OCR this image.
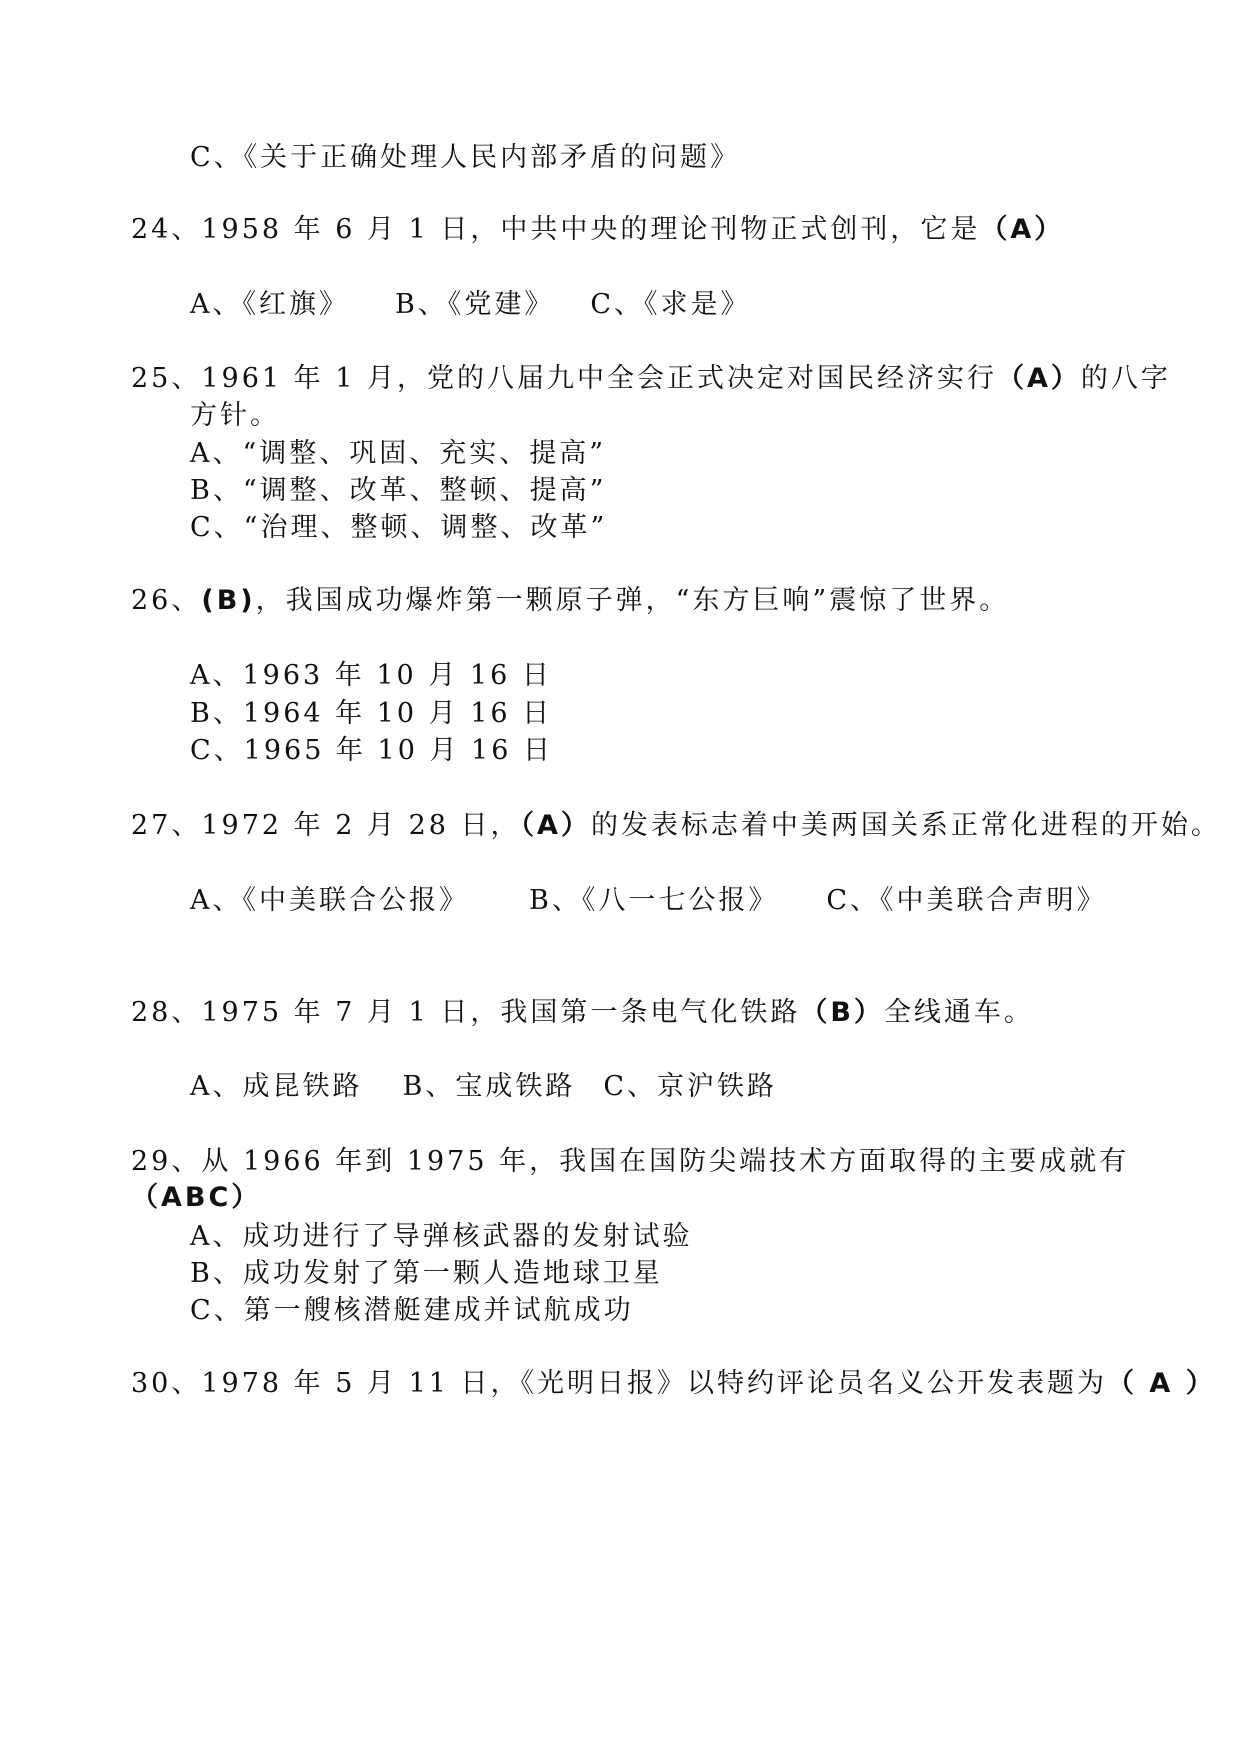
C、《关于正确处理人民内部矛盾的问题》
24、1958 年 6 月 1 日，中共中央的理论刊物正式创刊，它是（A）
A、《红旗》 B、《党建》 C、《求是》
25、1961 年 1 月，党的八届九中全会正式决定对国民经济实行（A）的八字
方针。
A、“调整、巩固、充实、提高”
B、“调整、改革、整顿、提高”
C、“治理、整顿、调整、改革”
26、(B)，我国成功爆炸第一颗原子弹，“东方巨响”震惊了世界。
A、1963 年 10 月 16 日
B、1964 年 10 月 16 日
C、1965 年 10 月 16 日
27、1972 年 2 月 28 日，（A）的发表标志着中美两国关系正常化进程的开始。
A、《中美联合公报》 B、《八一七公报》 C、《中美联合声明》
28、1975 年 7 月 1 日，我国第一条电气化铁路（B）全线通车。
A、成昆铁路 B、宝成铁路 C、京沪铁路
29、从 1966 年到 1975 年，我国在国防尖端技术方面取得的主要成就有
（ABC）
A、成功进行了导弹核武器的发射试验
B、成功发射了第一颗人造地球卫星
C、第一艘核潜艇建成并试航成功
30、1978 年 5 月 11 日，《光明日报》以特约评论员名义公开发表题为（ A ）
